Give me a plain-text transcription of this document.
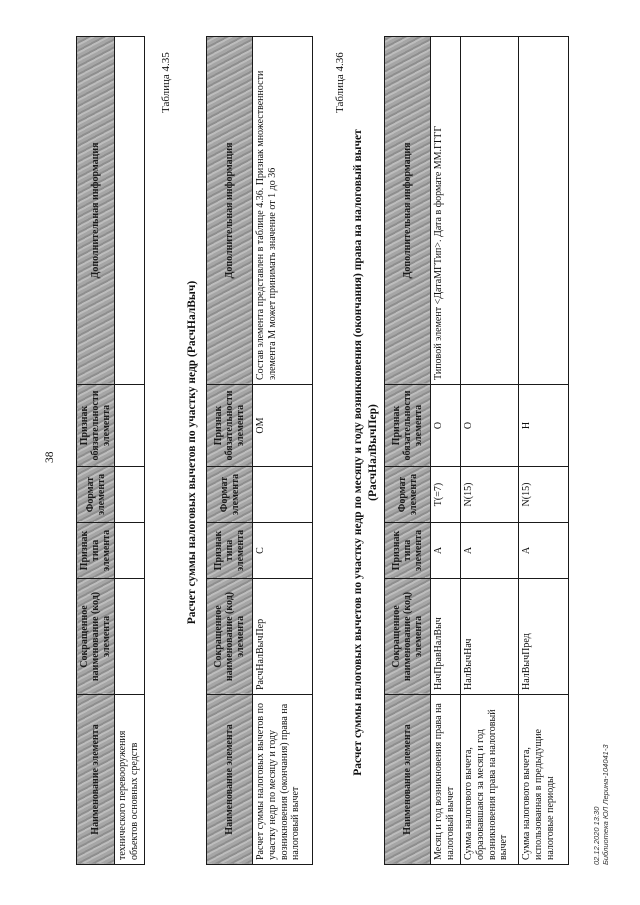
38
Наименование элемента	Сокращенное наименование (код) элемента	Признак типа элемента	Формат элемента	Признак обязательности элемента	Дополнительная информация
технического перевооружения объектов основных средств					
Таблица 4.35
Расчет суммы налоговых вычетов по участку недр (РасчНалВыч)
Наименование элемента	Сокращенное наименование (код) элемента	Признак типа элемента	Формат элемента	Признак обязательности элемента	Дополнительная информация
Расчет суммы налоговых вычетов по участку недр по месяцу и году возникновения (окончания) права на налоговый вычет	РасчНалВычПер	С		ОМ	Состав элемента представлен в таблице 4.36. Признак множественности элемента М может принимать значение от 1 до 36
Таблица 4.36
Расчет суммы налоговых вычетов по участку недр по месяцу и году возникновения (окончания) права на налоговый вычет (РасчНалВычПер)
Наименование элемента	Сокращенное наименование (код) элемента	Признак типа элемента	Формат элемента	Признак обязательности элемента	Дополнительная информация
Месяц и год возникновения права на налоговый вычет	НачПравНалВыч	А	T(=7)	О	Типовой элемент <ДатаМГТип>. Дата в формате ММ.ГГГГ
Сумма налогового вычета, образовавшаяся за месяц и год возникновения права на налоговый вычет	НалВычНач	А	N(15)	О	
Сумма налогового вычета, использованная в предыдущие налоговые периоды	НалВычПред	А	N(15)	Н	
02.12.2020 13:30 Библиотека ЮЛ Лерина-104041-3
